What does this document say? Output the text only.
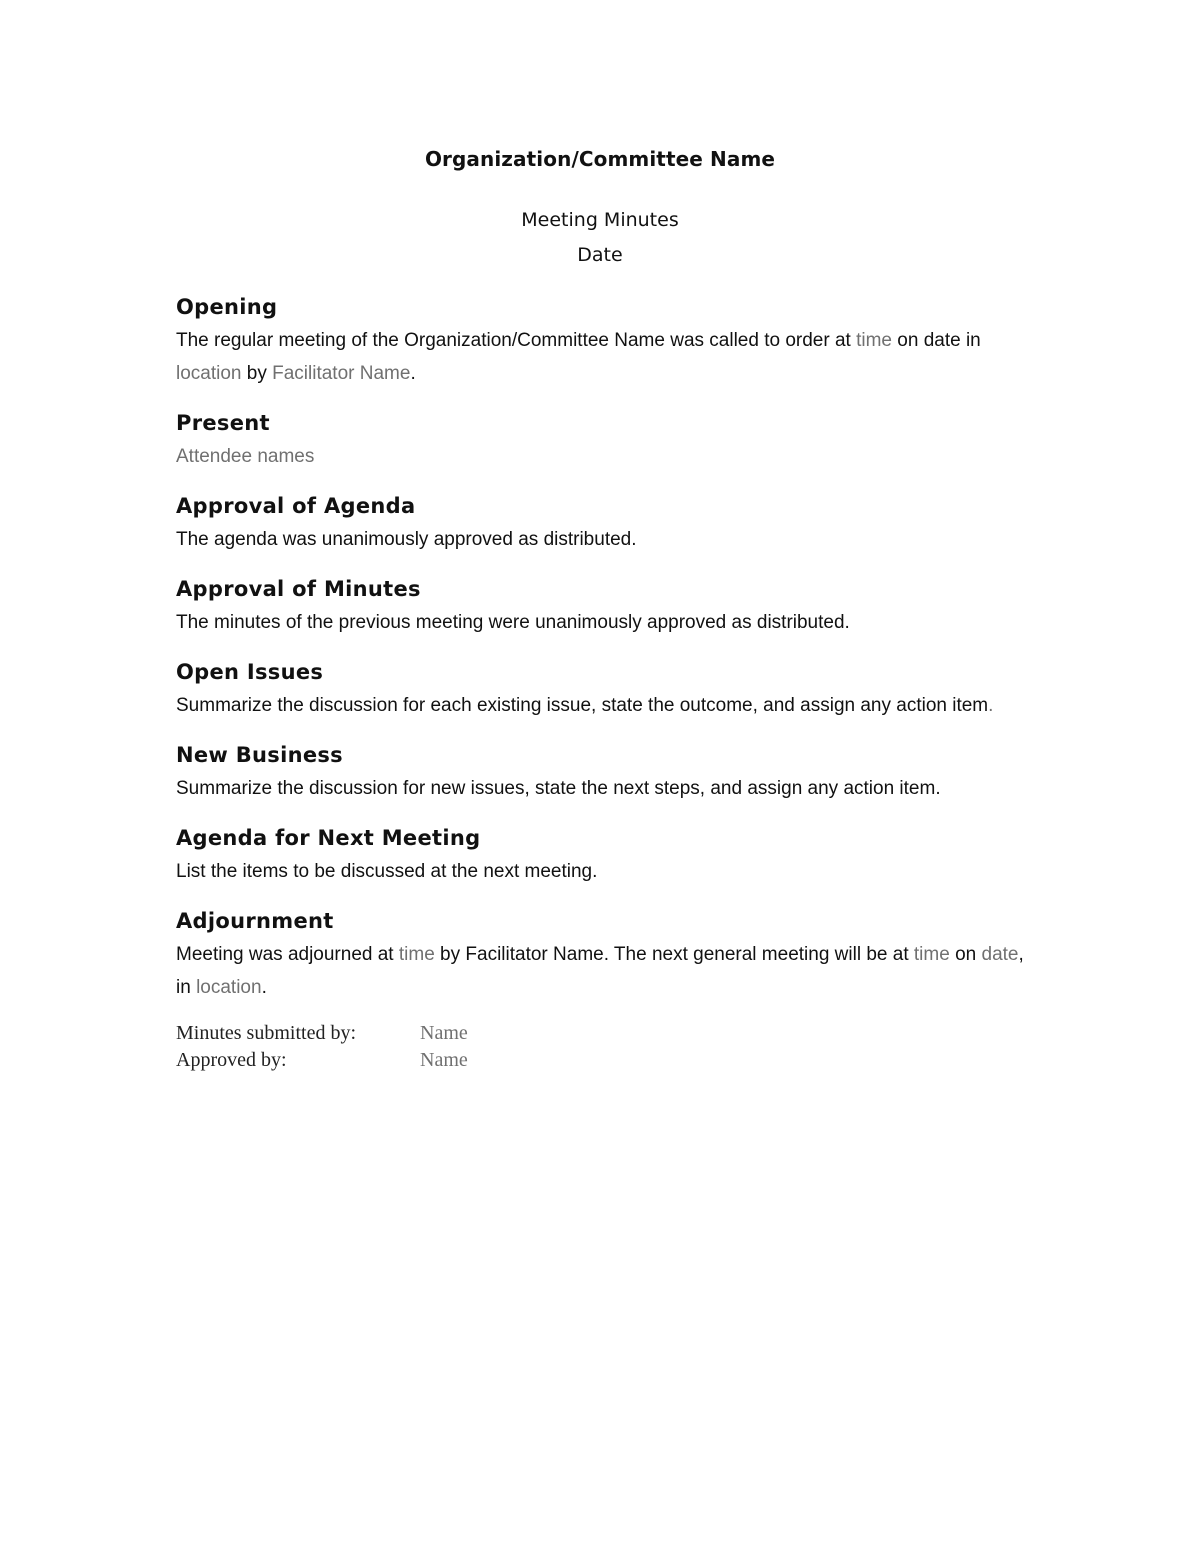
Organization/Committee Name
Meeting Minutes
Date
Opening

The regular meeting of the Organization/Committee Name was called to order at time on date in location by Facilitator Name.

Present

Attendee names

Approval of Agenda

The agenda was unanimously approved as distributed.

Approval of Minutes

The minutes of the previous meeting were unanimously approved as distributed.

Open Issues

Summarize the discussion for each existing issue, state the outcome, and assign any action item.

New Business

Summarize the discussion for new issues, state the next steps, and assign any action item.

Agenda for Next Meeting

List the items to be discussed at the next meeting.

Adjournment

Meeting was adjourned at time by Facilitator Name. The next general meeting will be at time on date, in location.

Minutes submitted by:	Name
Approved by:	Name
